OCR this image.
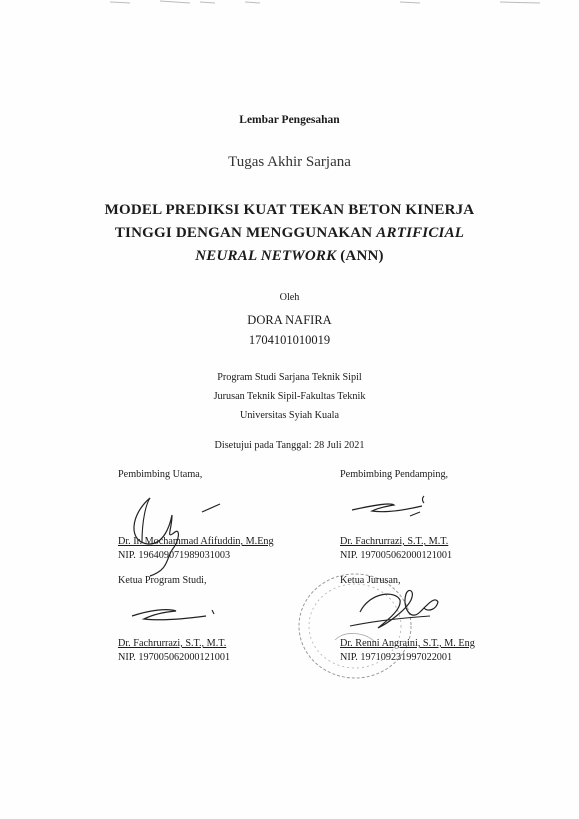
Lembar Pengesahan
Tugas Akhir Sarjana
MODEL PREDIKSI KUAT TEKAN BETON KINERJA
TINGGI DENGAN MENGGUNAKAN ARTIFICIAL
NEURAL NETWORK (ANN)
Oleh
DORA NAFIRA
1704101010019
Program Studi Sarjana Teknik Sipil
Jurusan Teknik Sipil-Fakultas Teknik
Universitas Syiah Kuala
Disetujui pada Tanggal: 28 Juli 2021
Pembimbing Utama,
Dr. Ir. Mochammad Afifuddin, M.Eng
NIP. 196409071989031003
Pembimbing Pendamping,
Dr. Fachrurrazi, S.T., M.T.
NIP. 197005062000121001
Ketua Program Studi,
Dr. Fachrurrazi, S.T., M.T.
NIP. 197005062000121001
Ketua Jurusan,
Dr. Renni Angraini, S.T., M. Eng
NIP. 197109231997022001
